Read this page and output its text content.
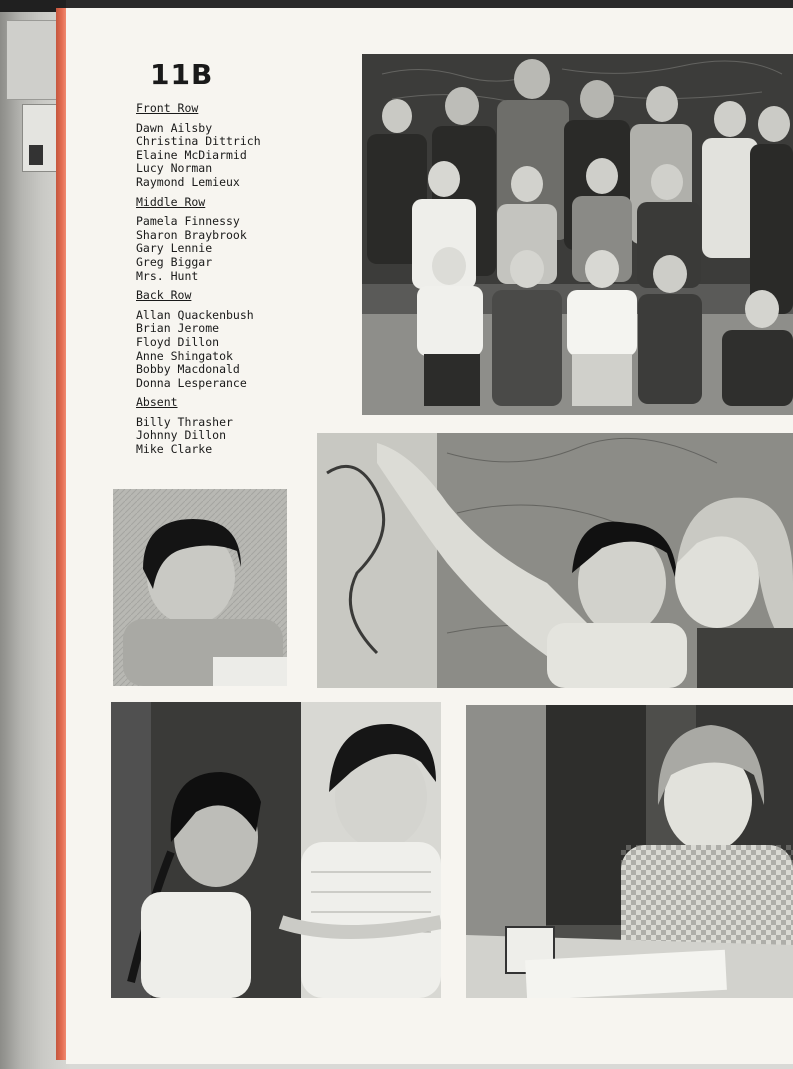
11B
Front Row
Dawn Ailsby
Christina Dittrich
Elaine McDiarmid
Lucy Norman
Raymond Lemieux
Middle Row
Pamela Finnessy
Sharon Braybrook
Gary Lennie
Greg Biggar
Mrs. Hunt
Back Row
Allan Quackenbush
Brian Jerome
Floyd Dillon
Anne Shingatok
Bobby Macdonald
Donna Lesperance
Absent
Billy Thrasher
Johnny Dillon
Mike Clarke
